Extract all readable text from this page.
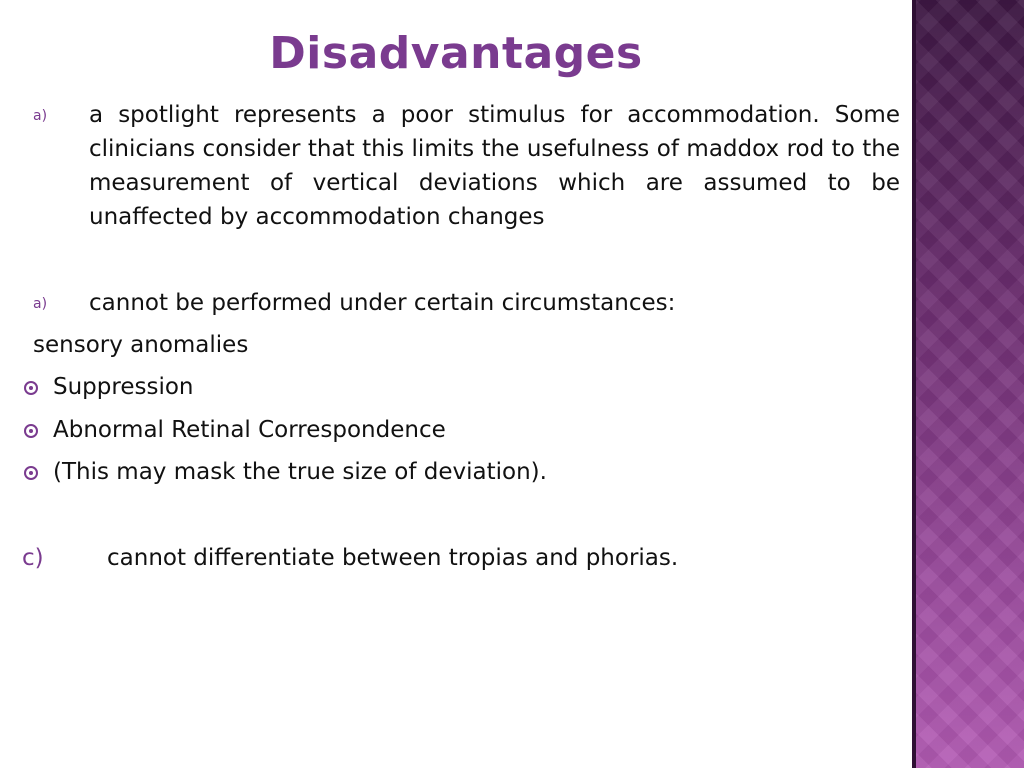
Disadvantages
a) a spotlight represents a poor stimulus for accommodation. Some clinicians consider that this limits the usefulness of maddox rod to the measurement of vertical deviations which are assumed to be unaffected by accommodation changes
a) cannot be performed under certain circumstances:
sensory anomalies
Suppression
Abnormal Retinal Correspondence
(This may mask the true size of deviation).
c)	cannot differentiate between tropias and phorias.
